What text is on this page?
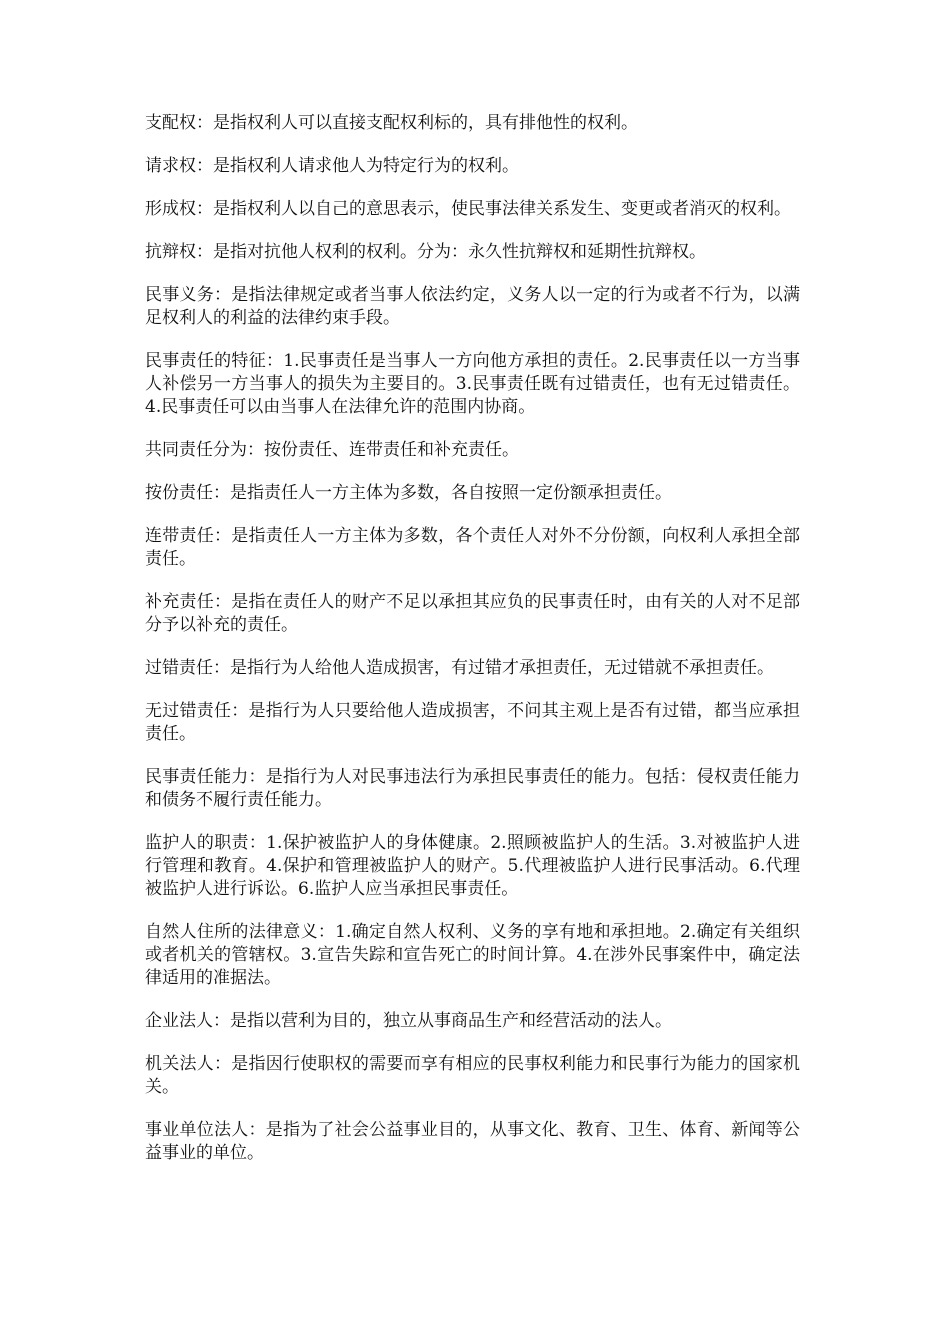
支配权：是指权利人可以直接支配权利标的，具有排他性的权利。

请求权：是指权利人请求他人为特定行为的权利。

形成权：是指权利人以自己的意思表示，使民事法律关系发生、变更或者消灭的权利。

抗辩权：是指对抗他人权利的权利。分为：永久性抗辩权和延期性抗辩权。

民事义务：是指法律规定或者当事人依法约定，义务人以一定的行为或者不行为，以满足权利人的利益的法律约束手段。

民事责任的特征：1.民事责任是当事人一方向他方承担的责任。2.民事责任以一方当事人补偿另一方当事人的损失为主要目的。3.民事责任既有过错责任，也有无过错责任。4.民事责任可以由当事人在法律允许的范围内协商。

共同责任分为：按份责任、连带责任和补充责任。

按份责任：是指责任人一方主体为多数，各自按照一定份额承担责任。

连带责任：是指责任人一方主体为多数，各个责任人对外不分份额，向权利人承担全部责任。

补充责任：是指在责任人的财产不足以承担其应负的民事责任时，由有关的人对不足部分予以补充的责任。

过错责任：是指行为人给他人造成损害，有过错才承担责任，无过错就不承担责任。

无过错责任：是指行为人只要给他人造成损害，不问其主观上是否有过错，都当应承担责任。

民事责任能力：是指行为人对民事违法行为承担民事责任的能力。包括：侵权责任能力和债务不履行责任能力。

监护人的职责：1.保护被监护人的身体健康。2.照顾被监护人的生活。3.对被监护人进行管理和教育。4.保护和管理被监护人的财产。5.代理被监护人进行民事活动。6.代理被监护人进行诉讼。6.监护人应当承担民事责任。

自然人住所的法律意义：1.确定自然人权利、义务的享有地和承担地。2.确定有关组织或者机关的管辖权。3.宣告失踪和宣告死亡的时间计算。4.在涉外民事案件中，确定法律适用的准据法。

企业法人：是指以营利为目的，独立从事商品生产和经营活动的法人。

机关法人：是指因行使职权的需要而享有相应的民事权利能力和民事行为能力的国家机关。

事业单位法人：是指为了社会公益事业目的，从事文化、教育、卫生、体育、新闻等公益事业的单位。
